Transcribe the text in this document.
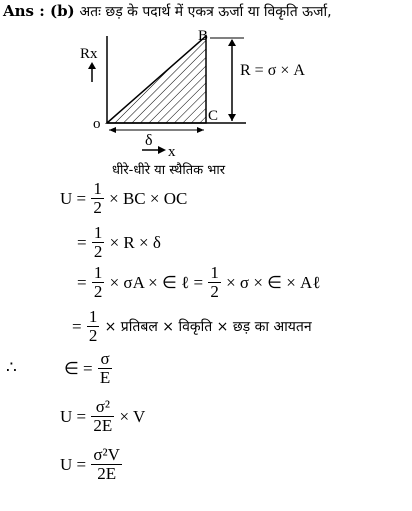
Ans : (b) अतः छड़ के पदार्थ में एकत्र ऊर्जा या विकृति ऊर्जा,
Rx
o
B
C
R = σ × A
δ
x
धीरे-धीरे या स्थैतिक भार
$U = \frac{1}{2}$ × BC × OC
= $\frac{1}{2} \times R \times \delta$
= $\frac{1}{2} \times \sigma A$ × ∈ ℓ = $\frac{1}{2} \times \sigma$ × ∈ × Aℓ
= $\frac{1}{2}$ × प्रतिबल × विकृति × छड़ का आयतन
∴	∈ = $\frac{\sigma}{E}$
$U = \frac{\text{σ²}}{2E} \times V$
$U = \frac{\text{σ²V}}{2E}$
